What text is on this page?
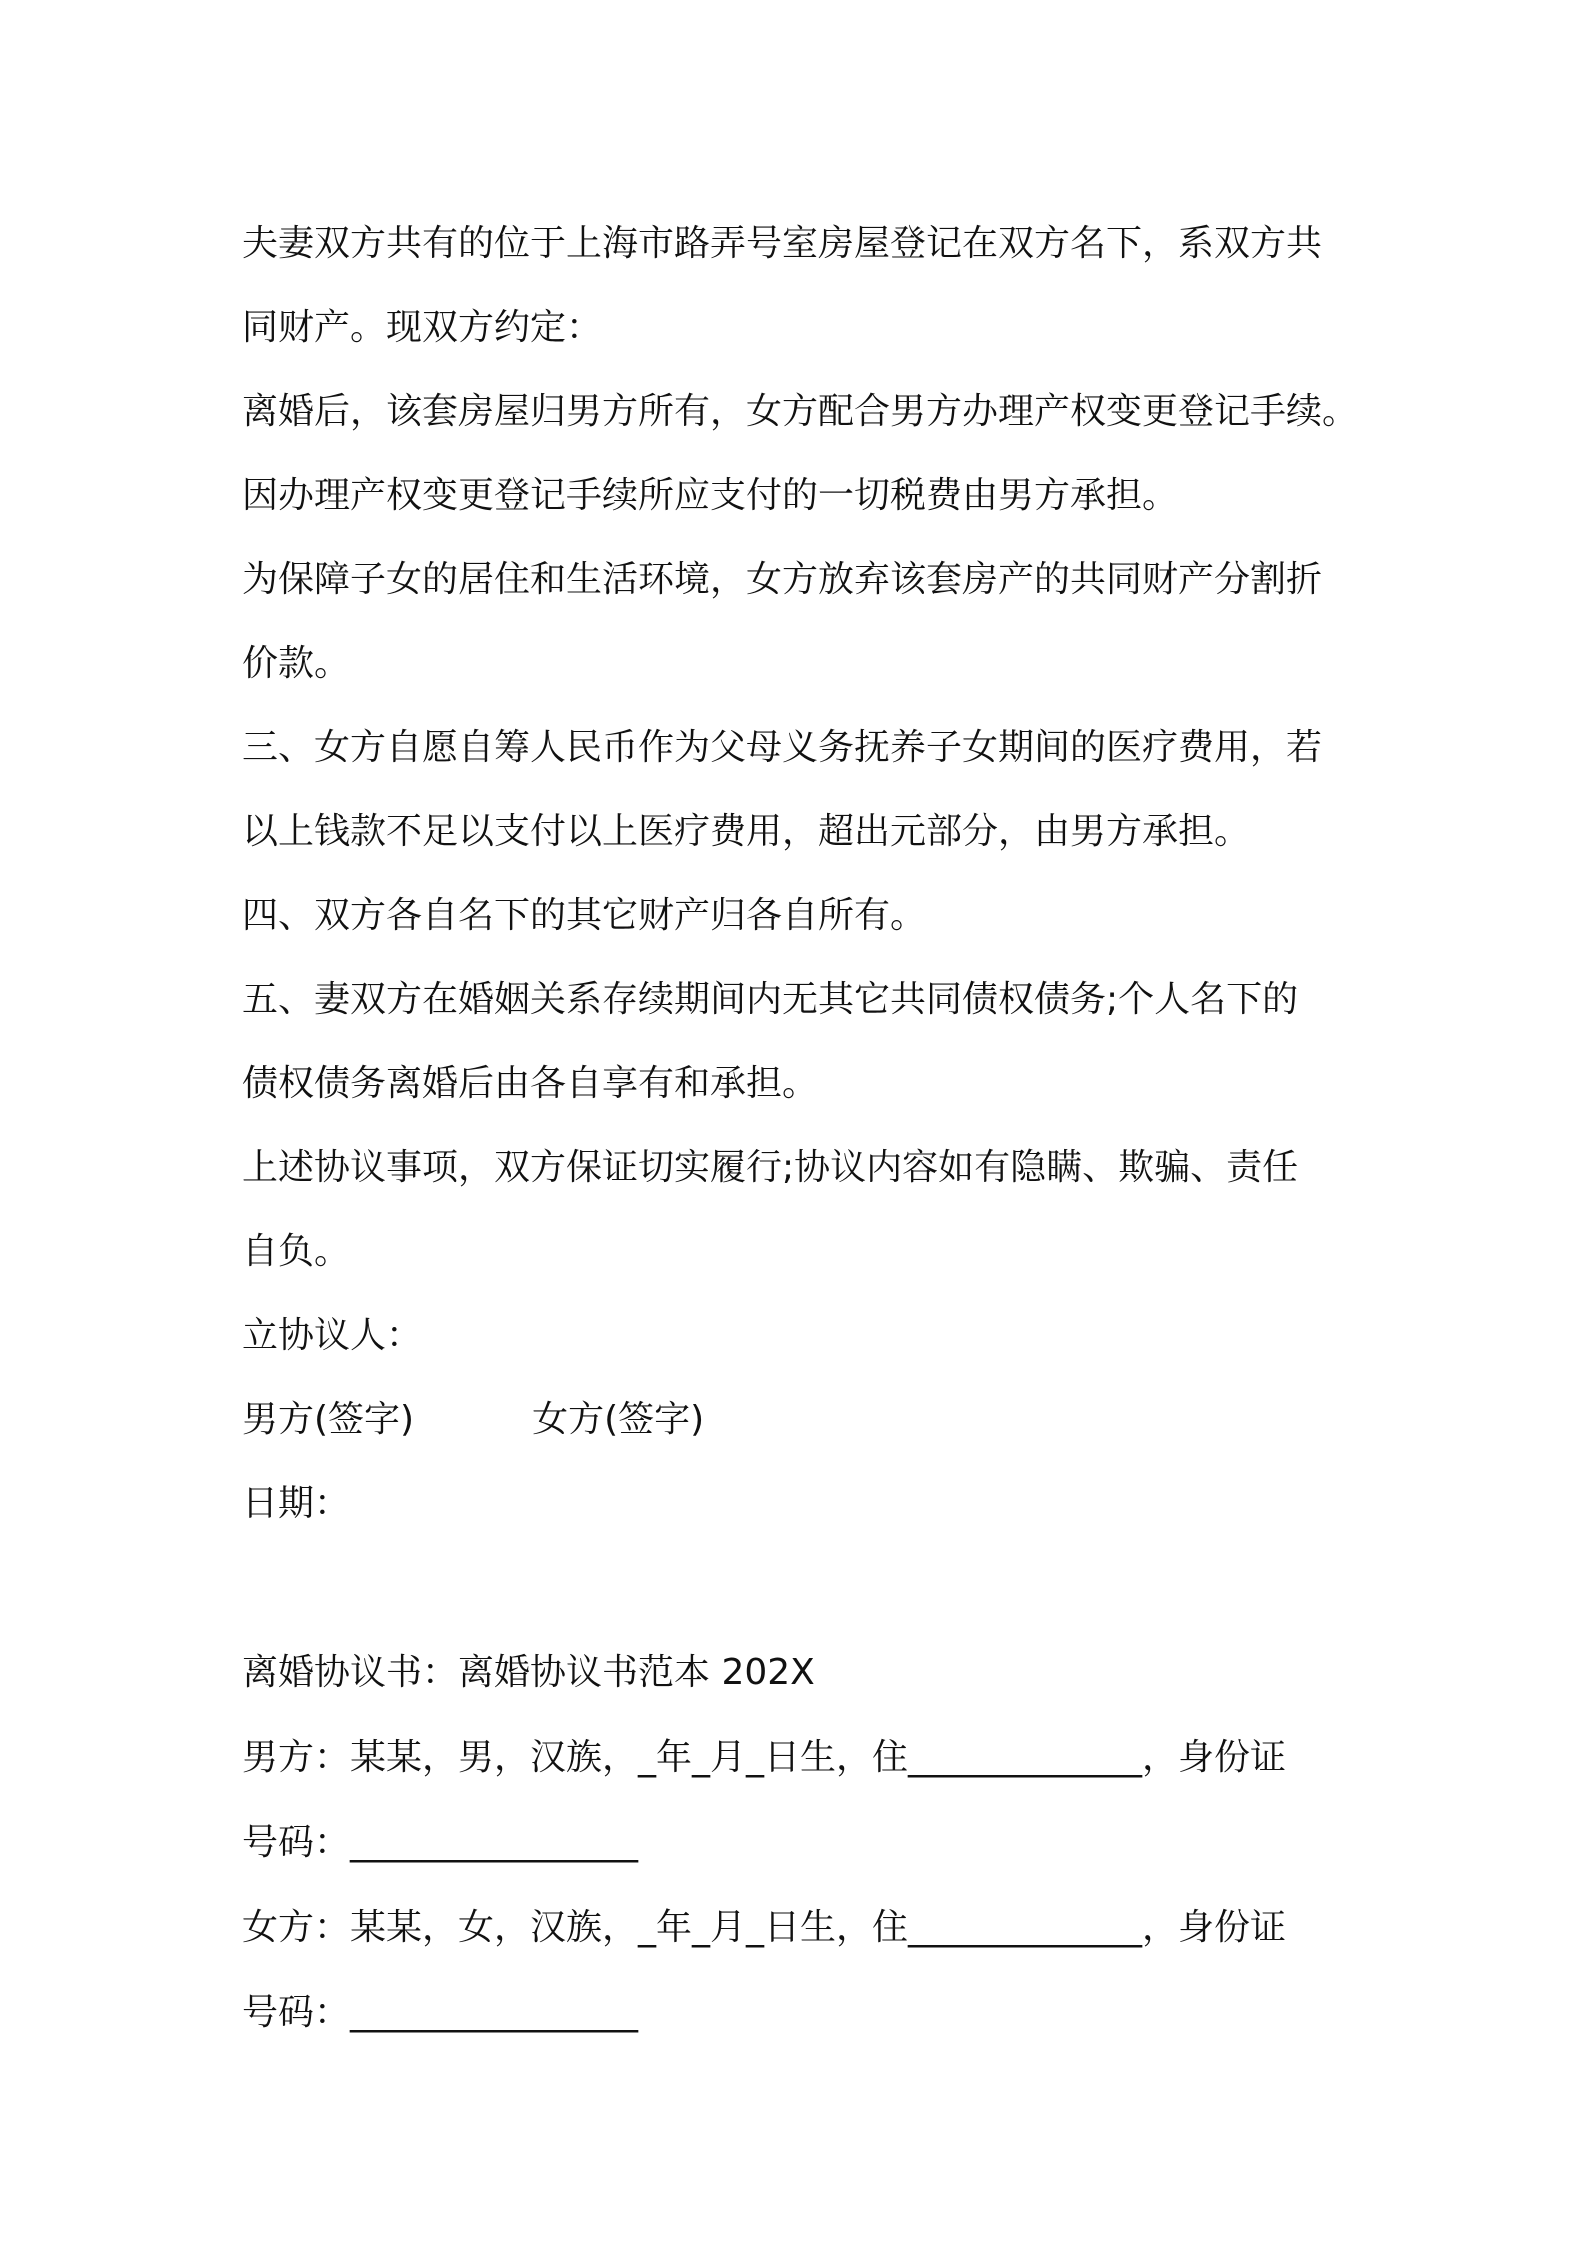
夫妻双方共有的位于上海市路弄号室房屋登记在双方名下，系双方共

同财产。现双方约定：

离婚后，该套房屋归男方所有，女方配合男方办理产权变更登记手续。

因办理产权变更登记手续所应支付的一切税费由男方承担。

为保障子女的居住和生活环境，女方放弃该套房产的共同财产分割折

价款。

三、女方自愿自筹人民币作为父母义务抚养子女期间的医疗费用，若

以上钱款不足以支付以上医疗费用，超出元部分，由男方承担。

四、双方各自名下的其它财产归各自所有。

五、妻双方在婚姻关系存续期间内无其它共同债权债务;个人名下的

债权债务离婚后由各自享有和承担。

上述协议事项，双方保证切实履行;协议内容如有隐瞒、欺骗、责任

自负。

立协议人：

男方(签字)	女方(签字)

日期：

离婚协议书：离婚协议书范本 202X

男方：某某，男，汉族，_年_月_日生，住_____________，身份证

号码：________________

女方：某某，女，汉族，_年_月_日生，住_____________，身份证

号码：________________
